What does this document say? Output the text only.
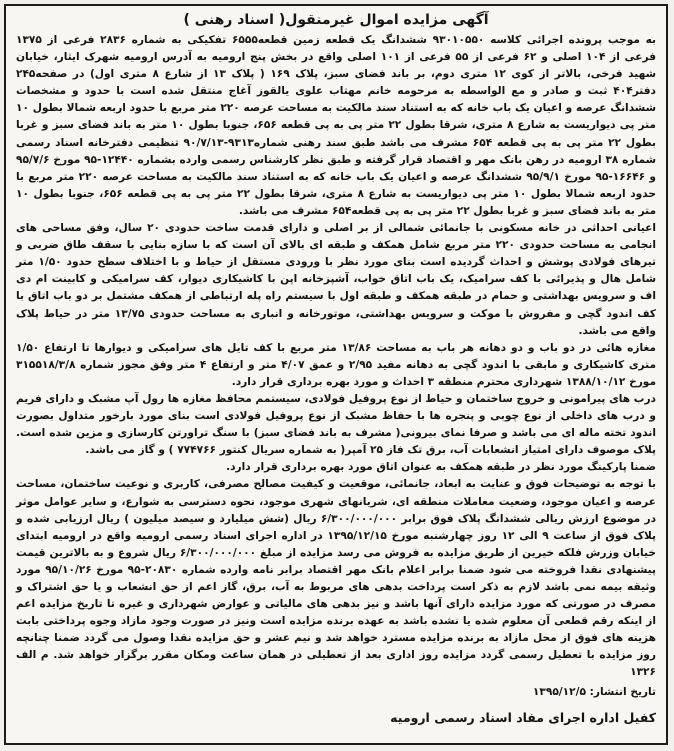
آگهی مزایده اموال غیرمنقول( اسناد رهنی )

به موجب پرونده اجرائی کلاسه ۹۳۰۱۰۵۵۰ ششدانگ یک قطعه زمین قطعه۶۵۵۵ تفکیکی به شماره ۲۸۳۶ فرعی از ۱۳۷۵ فرعی از ۱۰۴ اصلی و ۶۲ فرعی از ۵۵ فرعی از ۱۰۱ اصلی واقع در بخش پنج ارومیه به آدرس ارومیه شهرک ایثار، خیابان شهید فرخی، بالاتر از کوی ۱۲ متری دوم، بر باند فضای سبز، پلاک ۱۶۹ ( پلاک ۱۳ از شارع ۸ متری اول) در صفحه۲۴۵ دفتر۴۰۴ ثبت و صادر و مع الواسطه به مرحومه خانم مهتاب علوی یالقوز آغاج منتقل شده است با حدود و مشخصات ششدانگ عرصه و اعیان یک باب خانه که به استناد سند مالکیت به مساحت عرصه ۲۲۰ متر مربع با حدود اربعه شمالا بطول ۱۰ متر پی دیواریست به شارع ۸ متری، شرقا بطول ۲۲ متر پی به پی قطعه ۶۵۶، جنوبا بطول ۱۰ متر به باند فضای سبز و غربا بطول ۲۲ متر پی به پی قطعه ۶۵۴ مشرف می باشد طبق سند رهنی شماره۹۳۱۳-۹۰/۷/۱۳ تنظیمی دفترخانه اسناد رسمی شماره ۳۸ ارومیه در رهن بانک مهر و اقتصاد قرار گرفته و طبق نظر کارشناس رسمی وارده بشماره ۱۲۴۴۰-۹۵ مورخ ۹۵/۷/۶ و ۱۶۶۴۶-۹۵ مورخ ۹۵/۹/۱ ششدانگ عرصه و اعیان یک باب خانه که به استناد سند مالکیت به مساحت عرصه ۲۲۰ متر مربع با حدود اربعه شمالا بطول ۱۰ متر پی دیواریست به شارع ۸ متری، شرقا بطول ۲۲ متر پی به پی قطعه ۶۵۶، جنوبا بطول ۱۰ متر به باند فضای سبز و غربا بطول ۲۲ متر پی به پی قطعه۶۵۴ مشرف می باشد.

اعیانی احداثی در خانه مسکونی با جانمائی شمالی از بر اصلی و دارای قدمت ساخت حدودی ۲۰ سال، وفق مساحی های انجامی به مساحت حدودی ۲۲۰ متر مربع شامل همکف و طبقه ای بالای آن است که با سازه بنایی با سقف طاق ضربی و تیرهای فولادی پوشش و احداث گردیده است بنای مورد نظر با ورودی مستقل از حیاط و با اختلاف سطح حدود ۱/۵۰ متر شامل هال و پذیرائی با کف سرامیک، یک باب اتاق خواب، آشپزخانه اپن با کاشیکاری دیوار، کف سرامیکی و کابینت ام دی اف و سرویس بهداشتی و حمام در طبقه همکف و طبقه اول با سیستم راه پله ارتباطی از همکف مشتمل بر دو باب اتاق با کف اندود گچی و مفروش با موکت و سرویس بهداشتی، موتورخانه و انباری به مساحت حدودی ۱۳/۷۵ متر در حیاط پلاک واقع می باشد.

مغازه هائی در دو باب و دو دهانه هر باب به مساحت ۱۳/۸۶ متر مربع با کف تایل های سرامیکی و دیوارها تا ارتفاع ۱/۵۰ متری کاشیکاری و مابقی با اندود گچی به دهانه مفید ۲/۹۵ و عمق ۴/۰۷ متر و ارتفاع ۴ متر وفق مجوز شماره ۳۱۵۵۱۸/۳/۸ مورخ ۱۳۸۸/۱۰/۱۲ شهرداری محترم منطقه ۳ احداث و مورد بهره برداری قرار دارد.

درب های پیرامونی و خروج ساختمان و حیاط از نوع پروفیل فولادی، سیستمم محافظ مغازه ها رول آپ مشبک و دارای فریم و درب های داخلی از نوع چوبی و پنجره ها با حفاظ مشبک از نوع پروفیل فولادی است بنای مورد بارخور متداول بصورت اندود تخته ماله ای می باشد و صرفا نمای بیرونی( مشرف به باند فضای سبز) با سنگ تراورتن کارسازی و مزین شده است. پلاک موصوف دارای امتیاز انشعابات آب، برق تک فاز ۲۵ آمپر( به شماره سریال کنتور ۷۷۴۷۶۶ ) و گاز می باشد.

ضمنا پارکینگ مورد نظر در طبقه همکف به عنوان اتاق مورد بهره برداری قرار دارد.

با توجه به توضیحات فوق و عنایت به ابعاد، جانمائی، موقعیت و کیفیت مصالح مصرفی، کاربری و نوعیت ساختمان، مساحت عرصه و اعیان موجود، وضعیت معاملات منطقه ای، شریانهای شهری موجود، نحوه دسترسی به شوارع، و سایر عوامل موثر در موضوع ارزش ریالی ششدانگ پلاک فوق برابر ۶/۳۰۰/۰۰۰/۰۰۰ ریال (شش میلیارد و سیصد میلیون ) ریال ارزیابی شده و پلاک فوق از ساعت ۹ الی ۱۲ روز چهارشنبه مورخ ۱۳۹۵/۱۲/۱۵ در اداره اجرای اسناد رسمی ارومیه واقع در ارومیه ابتدای خیابان وزرش فلکه خیرین از طریق مزایده به فروش می رسد مزایده از مبلغ ۶/۳۰۰/۰۰۰/۰۰۰ ریال شروع و به بالاترین قیمت پیشنهادی نقدا فروخته می شود ضمنا برابر اعلام بانک مهر اقتصاد برابر نامه وارده شماره ۲۰۸۳۰-۹۵ مورخ ۹۵/۱۰/۲۶ مورد وثیقه بیمه نمی باشد لازم به ذکر است پرداخت بدهی های مربوط به آب، برق، گاز اعم از حق انشعاب و یا حق اشتراک و مصرف در صورتی که مورد مزایده دارای آنها باشد و نیز بدهی های مالیاتی و عوارض شهرداری و غیره تا تاریخ مزایده اعم از اینکه رقم قطعی آن معلوم شده یا نشده باشد به عهده برنده مزایده است ونیز در صورت وجود مازاد وجوه پرداختی بابت هزینه های فوق از محل مازاد به برنده مزایده مسترد خواهد شد و نیم عشر و حق مزایده نقدا وصول می گردد ضمنا چنانچه روز مزایده با تعطیل رسمی گردد مزایده روز اداری بعد از تعطیلی در همان ساعت ومکان مقرر برگزار خواهد شد. م الف ۱۳۲۶

تاریخ انتشار: ۱۳۹۵/۱۲/۵
کفیل اداره اجرای مفاد اسناد رسمی ارومیه
